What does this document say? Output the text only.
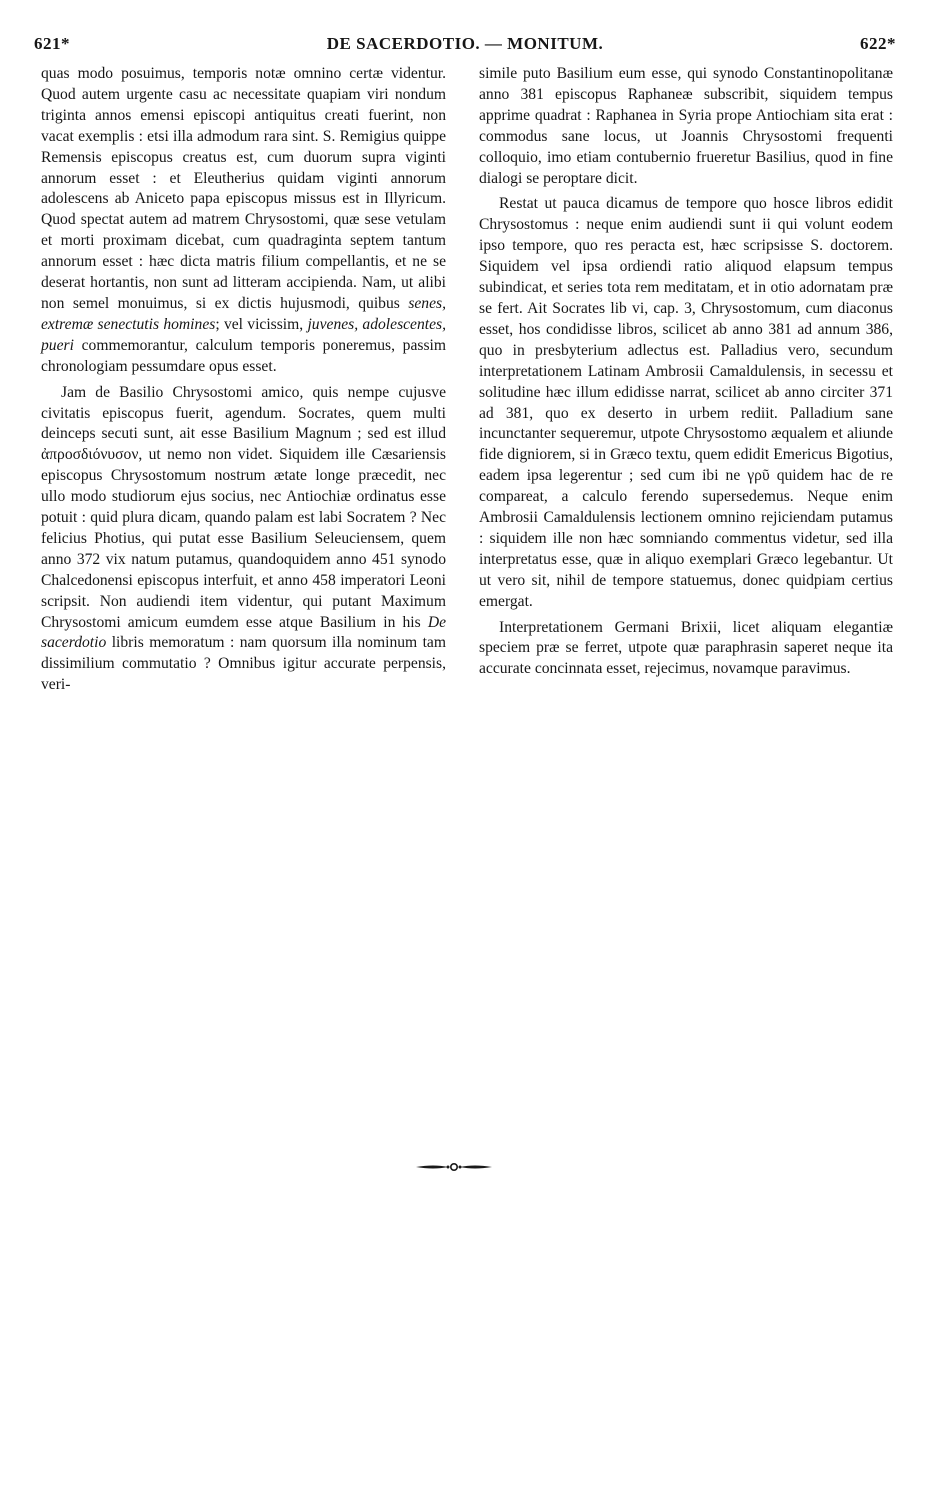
621*	DE SACERDOTIO. — MONITUM.	622*

quas modo posuimus, temporis notæ omnino certæ videntur. Quod autem urgente casu ac necessitate quapiam viri nondum triginta annos emensi episcopi antiquitus creati fuerint, non vacat exemplis : etsi illa admodum rara sint. S. Remigius quippe Remensis episcopus creatus est, cum duorum supra viginti annorum esset : et Eleutherius quidam viginti annorum adolescens ab Aniceto papa episcopus missus est in Illyricum. Quod spectat autem ad matrem Chrysostomi, quæ sese vetulam et morti proximam dicebat, cum quadraginta septem tantum annorum esset : hæc dicta matris filium compellantis, et ne se deserat hortantis, non sunt ad litteram accipienda. Nam, ut alibi non semel monuimus, si ex dictis hujusmodi, quibus senes, extremæ senectutis homines; vel vicissim, juvenes, adolescentes, pueri commemorantur, calculum temporis poneremus, passim chronologiam pessumdare opus esset.

Jam de Basilio Chrysostomi amico, quis nempe cujusve civitatis episcopus fuerit, agendum. Socrates, quem multi deinceps secuti sunt, ait esse Basilium Magnum ; sed est illud ἀπροσδιόνυσον, ut nemo non videt. Siquidem ille Cæsariensis episcopus Chrysostomum nostrum ætate longe præcedit, nec ullo modo studiorum ejus socius, nec Antiochiæ ordinatus esse potuit : quid plura dicam, quando palam est labi Socratem ? Nec felicius Photius, qui putat esse Basilium Seleuciensem, quem anno 372 vix natum putamus, quandoquidem anno 451 synodo Chalcedonensi episcopus interfuit, et anno 458 imperatori Leoni scripsit. Non audiendi item videntur, qui putant Maximum Chrysostomi amicum eumdem esse atque Basilium in his De sacerdotio libris memoratum : nam quorsum illa nominum tam dissimilium commutatio ? Omnibus igitur accurate perpensis, veri-

simile puto Basilium eum esse, qui synodo Constantinopolitanæ anno 381 episcopus Raphaneæ subscribit, siquidem tempus apprime quadrat : Raphanea in Syria prope Antiochiam sita erat : commodus sane locus, ut Joannis Chrysostomi frequenti colloquio, imo etiam contubernio frueretur Basilius, quod in fine dialogi se peroptare dicit.

Restat ut pauca dicamus de tempore quo hosce libros edidit Chrysostomus : neque enim audiendi sunt ii qui volunt eodem ipso tempore, quo res peracta est, hæc scripsisse S. doctorem. Siquidem vel ipsa ordiendi ratio aliquod elapsum tempus subindicat, et series tota rem meditatam, et in otio adornatam præ se fert. Ait Socrates lib vi, cap. 3, Chrysostomum, cum diaconus esset, hos condidisse libros, scilicet ab anno 381 ad annum 386, quo in presbyterium adlectus est. Palladius vero, secundum interpretationem Latinam Ambrosii Camaldulensis, in secessu et solitudine hæc illum edidisse narrat, scilicet ab anno circiter 371 ad 381, quo ex deserto in urbem rediit. Palladium sane incunctanter sequeremur, utpote Chrysostomo æqualem et aliunde fide digniorem, si in Græco textu, quem edidit Emericus Bigotius, eadem ipsa legerentur ; sed cum ibi ne γρῦ quidem hac de re compareat, a calculo ferendo supersedemus. Neque enim Ambrosii Camaldulensis lectionem omnino rejiciendam putamus : siquidem ille non hæc somniando commentus videtur, sed illa interpretatus esse, quæ in aliquo exemplari Græco legebantur. Ut ut vero sit, nihil de tempore statuemus, donec quidpiam certius emergat.

Interpretationem Germani Brixii, licet aliquam elegantiæ speciem præ se ferret, utpote quæ paraphrasin saperet neque ita accurate concinnata esset, rejecimus, novamque paravimus.
